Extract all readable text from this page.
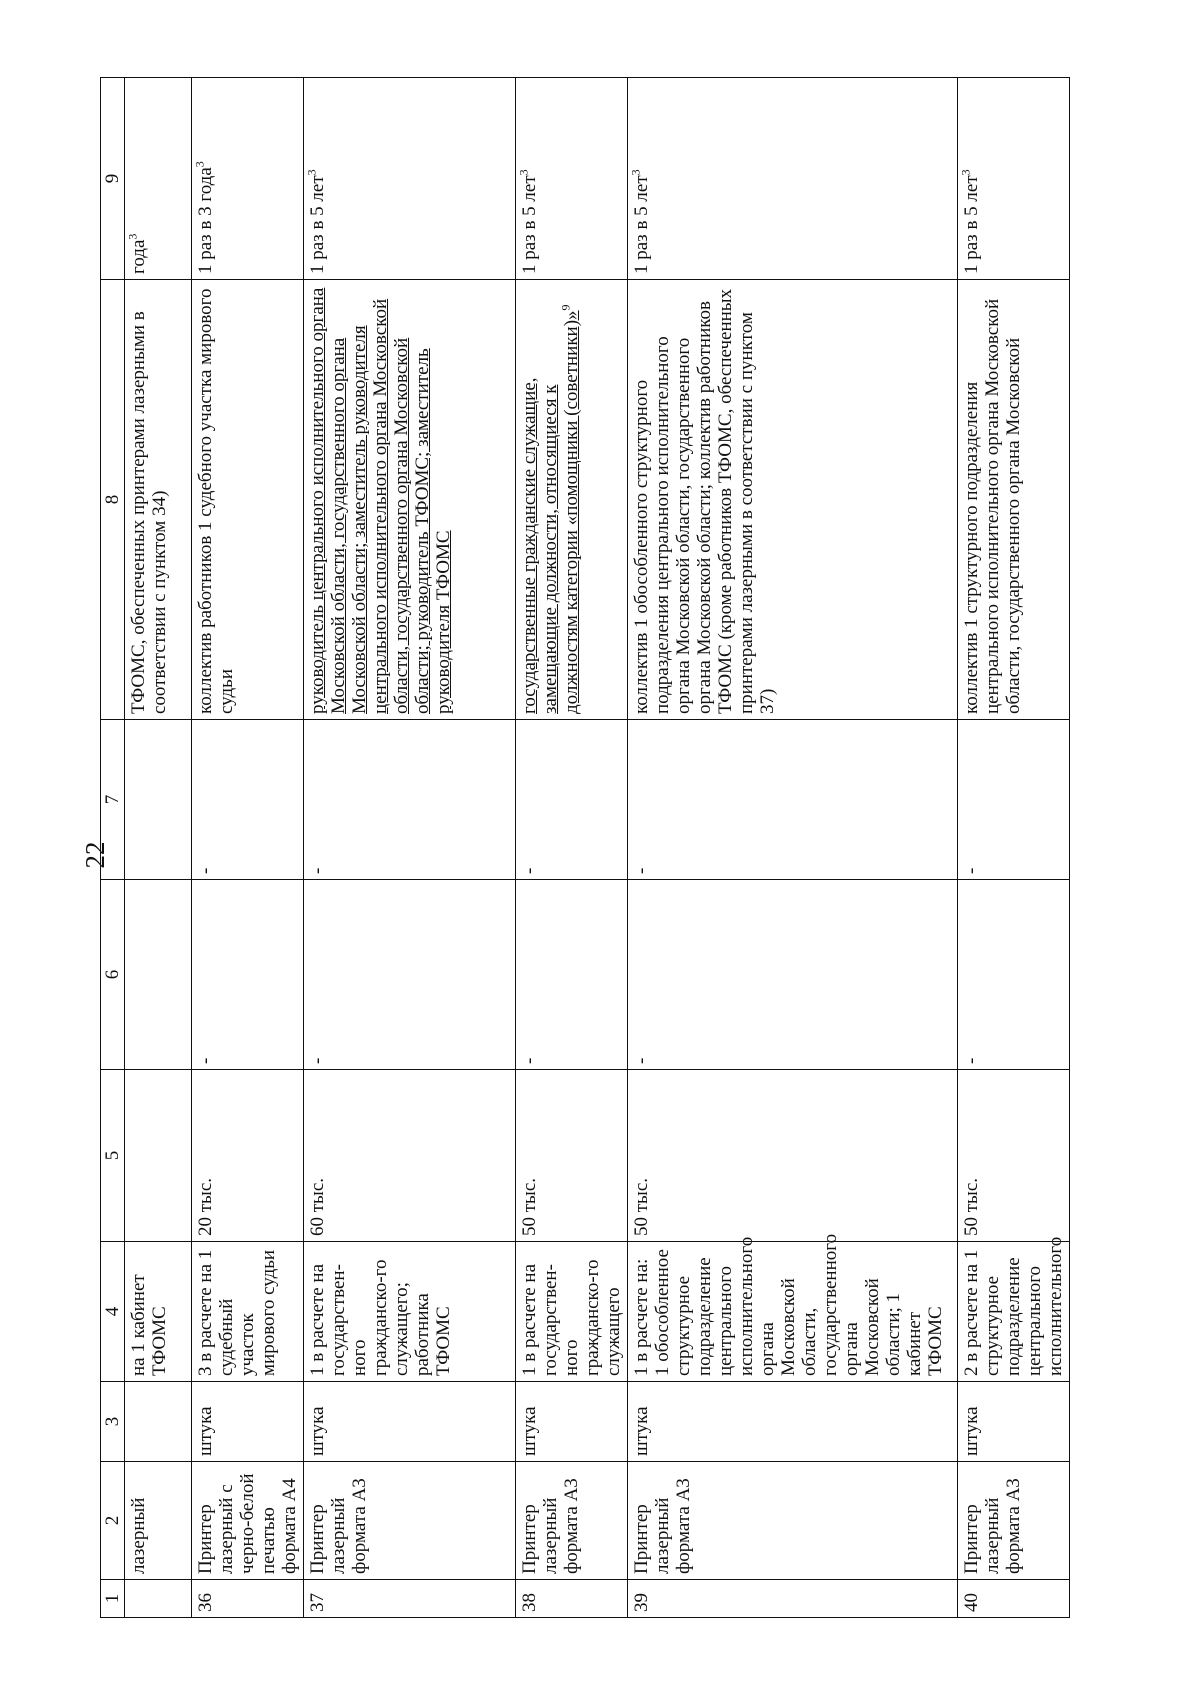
22
1	2	3	4	5	6	7	8	9
	лазерный		на 1 кабинет ТФОМС				ТФОМС, обеспеченных принтерами лазерными в соответствии с пунктом 34)	года$^3$
36	Принтер лазерный с черно-белой печатью формата А4	штука	3 в расчете на 1 судебный участок мирового судьи	20 тыс.	-	-	коллектив работников 1 судебного участка мирового судьи	1 раз в 3 года$^3$
37	Принтер лазерный формата А3	штука	1 в расчете на государствен-ного гражданско-го служащего; работника ТФОМС	60 тыс.	-	-	руководитель центрального исполнительного органа Московской области, государственного органа Московской области; заместитель руководителя центрального исполнительного органа Московской области, государственного органа Московской области; руководитель ТФОМС; заместитель руководителя ТФОМС	1 раз в 5 лет$^3$
38	Принтер лазерный формата А3	штука	1 в расчете на государствен-ного гражданско-го служащего	50 тыс.	-	-	государственные гражданские служащие, замещающие должности, относящиеся к должностям категории «помощники (советники)»$^9$	1 раз в 5 лет$^3$
39	Принтер лазерный формата А3	штука	1 в расчете на: 1 обособленное структурное подразделение центрального исполнительного органа Московской области, государственного органа Московской области; 1 кабинет ТФОМС	50 тыс.	-	-	коллектив 1 обособленного структурного подразделения центрального исполнительного органа Московской области, государственного органа Московской области; коллектив работников ТФОМС (кроме работников ТФОМС, обеспеченных принтерами лазерными в соответствии с пунктом 37)	1 раз в 5 лет$^3$
40	Принтер лазерный формата А3	штука	2 в расчете на 1 структурное подразделение центрального исполнительного	50 тыс.	-	-	коллектив 1 структурного подразделения центрального исполнительного органа Московской области, государственного органа Московской	1 раз в 5 лет$^3$
